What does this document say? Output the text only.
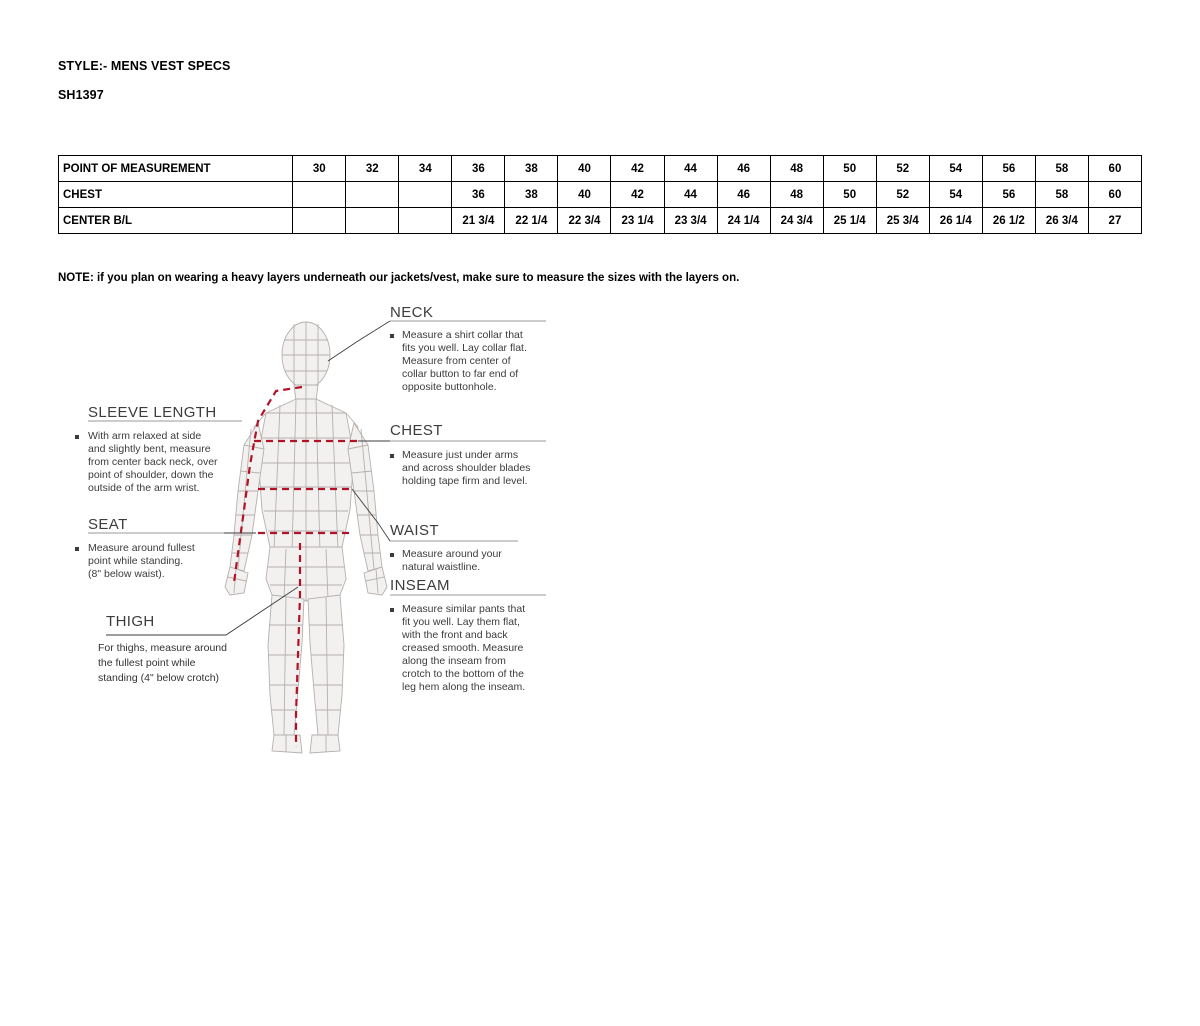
STYLE:- MENS VEST SPECS
SH1397
POINT OF MEASUREMENT	30	32	34	36	38	40	42	44	46	48	50	52	54	56	58	60
CHEST				36	38	40	42	44	46	48	50	52	54	56	58	60
CENTER B/L				21 3/4	22 1/4	22 3/4	23 1/4	23 3/4	24 1/4	24 3/4	25 1/4	25 3/4	26 1/4	26 1/2	26 3/4	27
NOTE: if you plan on wearing a heavy layers underneath our jackets/vest, make sure to measure the sizes with the layers on.
NECK
Measure a shirt collar that
fits you well. Lay collar flat.
Measure from center of
collar button to far end of
opposite buttonhole.
CHEST
Measure just under arms
and across shoulder blades
holding tape firm and level.
WAIST
Measure around your
natural waistline.
INSEAM
Measure similar pants that
fit you well. Lay them flat,
with the front and back
creased smooth. Measure
along the inseam from
crotch to the bottom of the
leg hem along the inseam.
SLEEVE LENGTH
With arm relaxed at side
and slightly bent, measure
from center back neck, over
point of shoulder, down the
outside of the arm wrist.
SEAT
Measure around fullest
point while standing.
(8" below waist).
THIGH
For thighs, measure around
the fullest point while
standing (4" below crotch)
